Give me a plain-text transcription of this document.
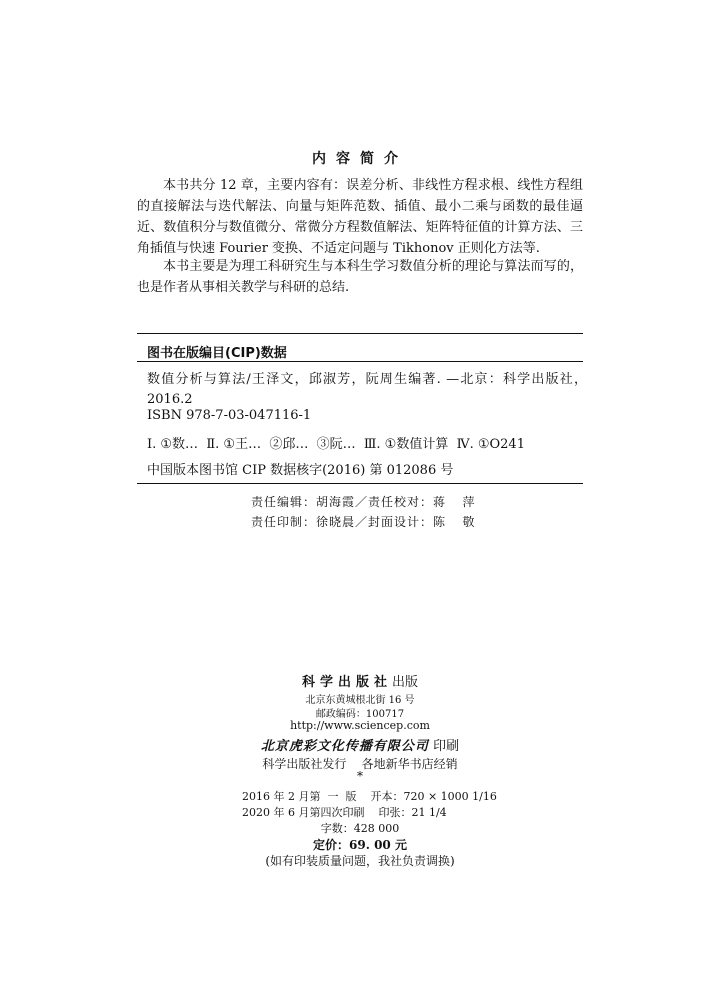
内容简介

本书共分 12 章，主要内容有：误差分析、非线性方程求根、线性方程组的直接解法与迭代解法、向量与矩阵范数、插值、最小二乘与函数的最佳逼近、数值积分与数值微分、常微分方程数值解法、矩阵特征值的计算方法、三角插值与快速 Fourier 变换、不适定问题与 Tikhonov 正则化方法等.

本书主要是为理工科研究生与本科生学习数值分析的理论与算法而写的，也是作者从事相关教学与科研的总结.

图书在版编目(CIP)数据
数值分析与算法/王泽文，邱淑芳，阮周生编著. —北京：科学出版社，2016.2
ISBN 978-7-03-047116-1
Ⅰ. ①数…  Ⅱ. ①王…  ②邱…  ③阮…  Ⅲ. ①数值计算  Ⅳ. ①O241
中国版本图书馆 CIP 数据核字(2016) 第 012086 号
责任编辑：胡海霞／责任校对：蒋  萍
责任印制：徐晓晨／封面设计：陈  敬
科学出版社出版
北京东黄城根北街 16 号
邮政编码：100717
http://www.sciencep.com
北京虎彩文化传播有限公司 印刷
科学出版社发行    各地新华书店经销
*
2016 年 2 月第  一  版    开本：720 × 1000 1/16
2020 年 6 月第四次印刷    印张：21 1/4
字数：428 000
定价：69. 00 元
(如有印装质量问题，我社负责调换)
